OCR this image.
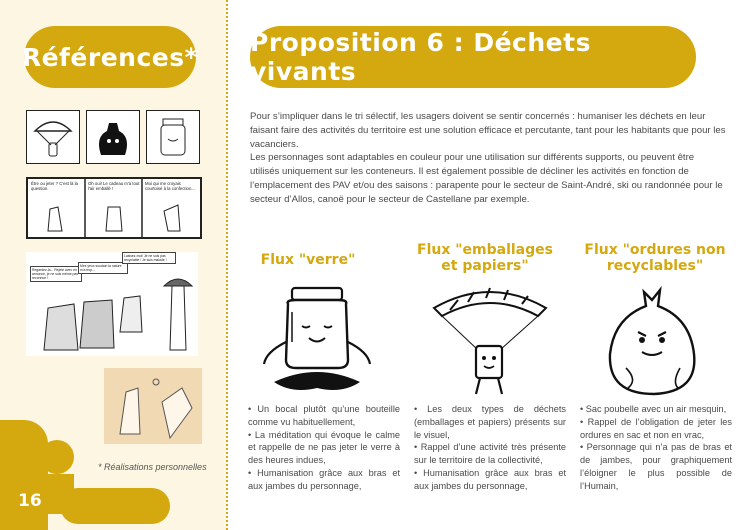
Références* Proposition 6 : Déchets vivants
Être ou jeter ? C'est là la question.
Oh oui! Le cadeau m'a tout l'air emballé !
Moi qui me croyais courtoisé à la confection...
Regardez-la... Rejeté avec en annonce, je ne suis même pas reconnue !
Mes yeux soudain la nature m'a trop...
Laissez-moi! Je ne suis pas recyclable ! Je suis malade !
* Réalisations personnelles
16

Pour s’impliquer dans le tri sélectif, les usagers doivent se sentir concernés : humaniser les déchets en leur faisant faire des activités du territoire est une solution efficace et percutante, tant pour les habitants que pour les vacanciers.

Les personnages sont adaptables en couleur pour une utilisation sur différents supports, ou peuvent être utilisés uniquement sur les conteneurs. Il est également possible de décliner les activités en fonction de l’emplacement des PAV et/ou des saisons : parapente pour le secteur de Saint-André, ski ou randonnée pour le secteur d’Allos, canoë pour le secteur de Castellane par exemple.

Flux "verre"
Flux "emballages et papiers"
Flux "ordures non recyclables"
• Un bocal plutôt qu’une bouteille comme vu habituellement,
• La méditation qui évoque le calme et rappelle de ne pas jeter le verre à des heures indues,
• Humanisation grâce aux bras et aux jambes du personnage,
• Les deux types de déchets (emballages et papiers) présents sur le visuel,
• Rappel d’une activité très présente sur le territoire de la collectivité,
• Humanisation grâce aux bras et aux jambes du personnage,
• Sac poubelle avec un air mesquin,
• Rappel de l’obligation de jeter les ordures en sac et non en vrac,
• Personnage qui n’a pas de bras et de jambes, pour graphiquement l’éloigner le plus possible de l’Humain,
